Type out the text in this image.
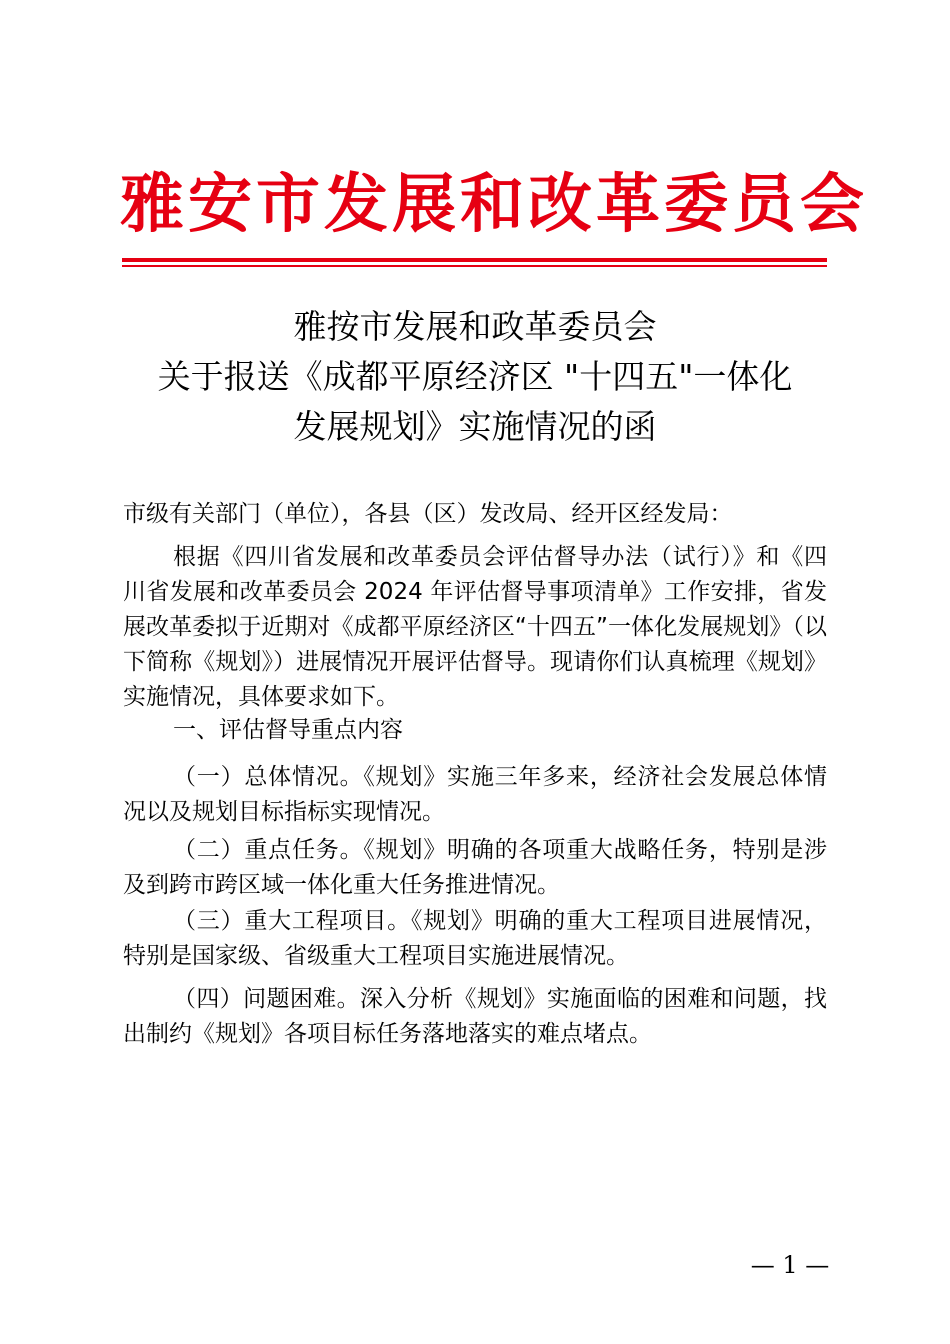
雅安市发展和改革委员会
雅按市发展和政革委员会
关于报送《成都平原经济区 "十四五"一体化
发展规划》实施情况的函
市级有关部门（单位），各县（区）发改局、经开区经发局：
根据《四川省发展和改革委员会评估督导办法（试行）》和《四川省发展和改革委员会 2024 年评估督导事项清单》工作安排，省发展改革委拟于近期对《成都平原经济区“十四五”一体化发展规划》（以下简称《规划》）进展情况开展评估督导。现请你们认真梳理《规划》实施情况，具体要求如下。
一、评估督导重点内容
（一）总体情况。《规划》实施三年多来，经济社会发展总体情况以及规划目标指标实现情况。
（二）重点任务。《规划》明确的各项重大战略任务，特别是涉及到跨市跨区域一体化重大任务推进情况。
（三）重大工程项目。《规划》明确的重大工程项目进展情况，特别是国家级、省级重大工程项目实施进展情况。
（四）问题困难。深入分析《规划》实施面临的困难和问题，找出制约《规划》各项目标任务落地落实的难点堵点。
— 1 —
